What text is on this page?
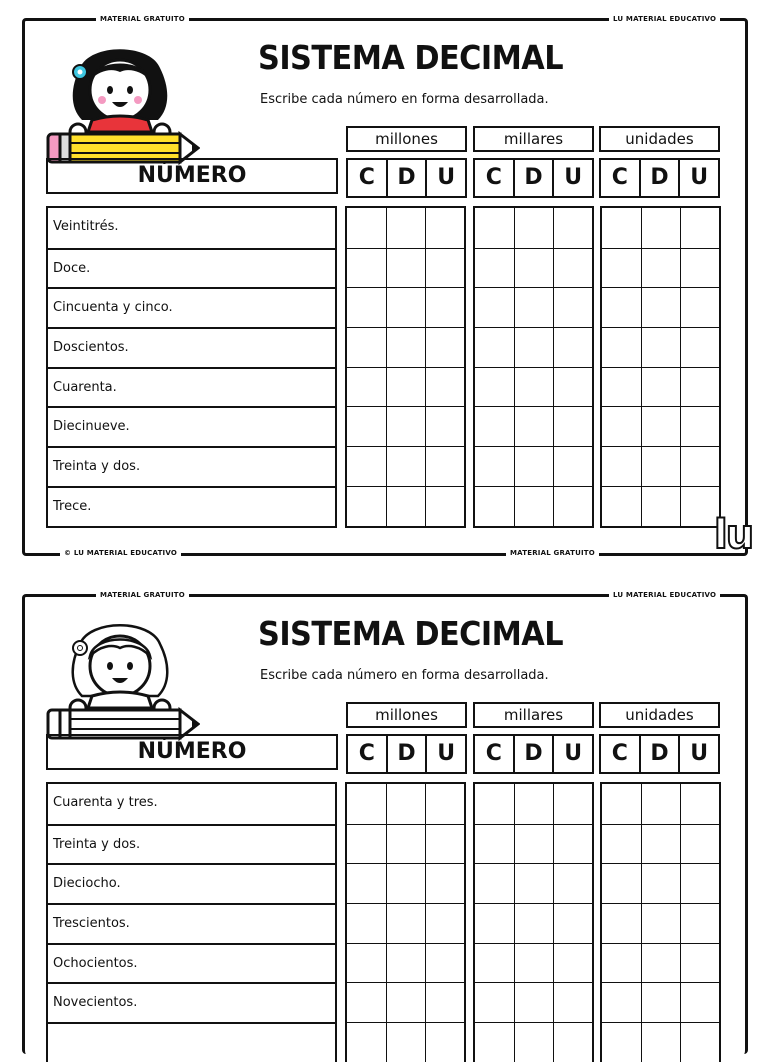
MATERIAL GRATUITO	LU MATERIAL EDUCATIVO
© LU MATERIAL EDUCATIVO	MATERIAL GRATUITO
SISTEMA DECIMAL
Escribe cada número en forma desarrollada.
millones	millares	unidades
C	D U	C	D U	C	D U
NÚMERO
Veintitrés.
Doce.
Cincuenta y cinco.
Doscientos.
Cuarenta.
Diecinueve.
Treinta y dos.
Trece.
lu
MATERIAL GRATUITO	LU MATERIAL EDUCATIVO
SISTEMA DECIMAL
Escribe cada número en forma desarrollada.
millones	millares	unidades
C	D U	C	D U	C	D U
NÚMERO
Cuarenta y tres.
Treinta y dos.
Dieciocho.
Trescientos.
Ochocientos.
Novecientos.
